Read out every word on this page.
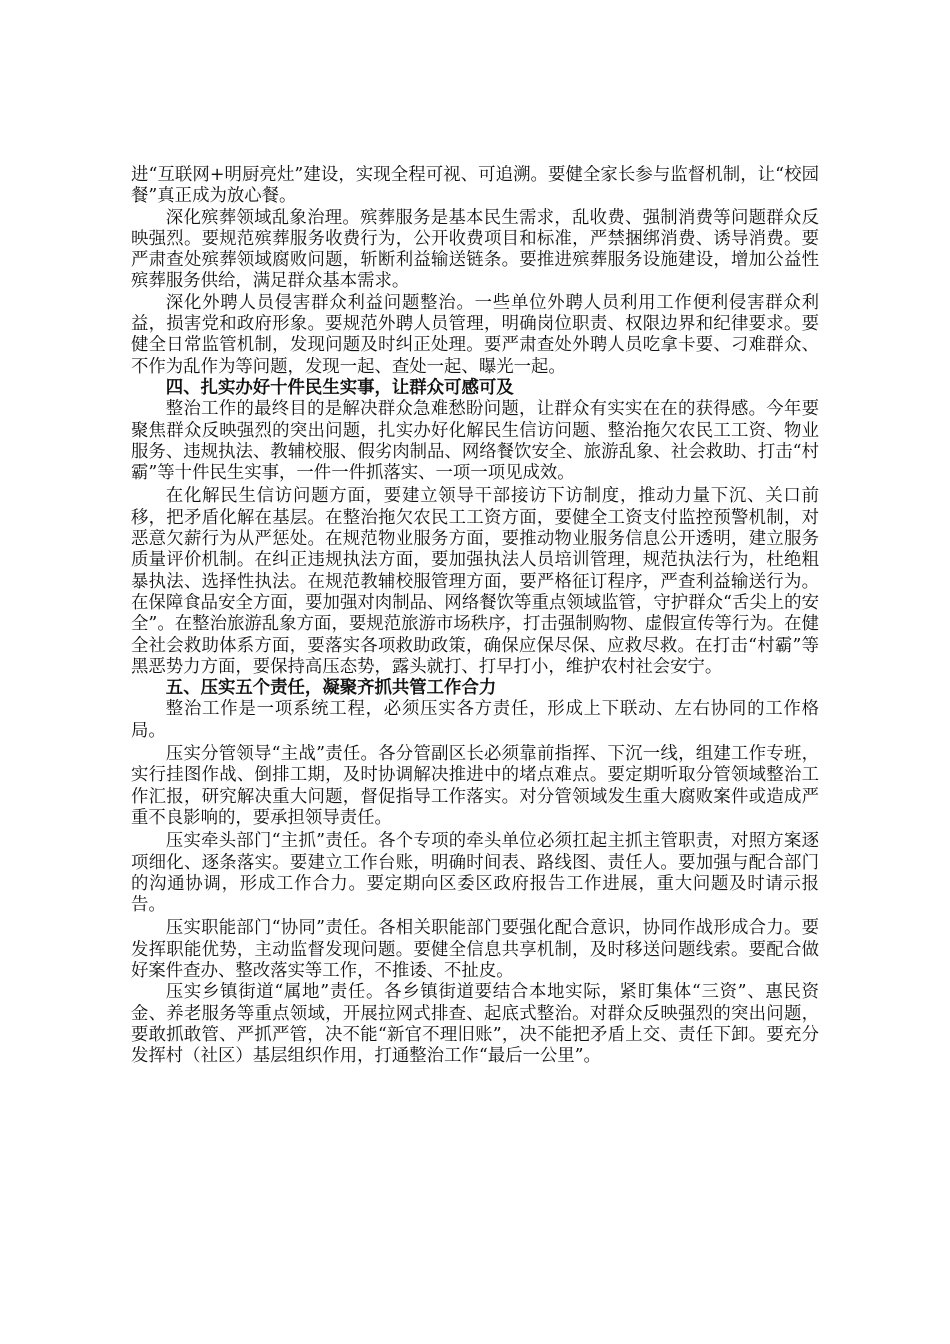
进“互联网+明厨亮灶”建设，实现全程可视、可追溯。要健全家长参与监督机制，让“校园餐”真正成为放心餐。

深化殡葬领域乱象治理。殡葬服务是基本民生需求，乱收费、强制消费等问题群众反映强烈。要规范殡葬服务收费行为，公开收费项目和标准，严禁捆绑消费、诱导消费。要严肃查处殡葬领域腐败问题，斩断利益输送链条。要推进殡葬服务设施建设，增加公益性殡葬服务供给，满足群众基本需求。

深化外聘人员侵害群众利益问题整治。一些单位外聘人员利用工作便利侵害群众利益，损害党和政府形象。要规范外聘人员管理，明确岗位职责、权限边界和纪律要求。要健全日常监管机制，发现问题及时纠正处理。要严肃查处外聘人员吃拿卡要、刁难群众、不作为乱作为等问题，发现一起、查处一起、曝光一起。

四、扎实办好十件民生实事，让群众可感可及

整治工作的最终目的是解决群众急难愁盼问题，让群众有实实在在的获得感。今年要聚焦群众反映强烈的突出问题，扎实办好化解民生信访问题、整治拖欠农民工工资、物业服务、违规执法、教辅校服、假劣肉制品、网络餐饮安全、旅游乱象、社会救助、打击“村霸”等十件民生实事，一件一件抓落实、一项一项见成效。

在化解民生信访问题方面，要建立领导干部接访下访制度，推动力量下沉、关口前移，把矛盾化解在基层。在整治拖欠农民工工资方面，要健全工资支付监控预警机制，对恶意欠薪行为从严惩处。在规范物业服务方面，要推动物业服务信息公开透明，建立服务质量评价机制。在纠正违规执法方面，要加强执法人员培训管理，规范执法行为，杜绝粗暴执法、选择性执法。在规范教辅校服管理方面，要严格征订程序，严查利益输送行为。在保障食品安全方面，要加强对肉制品、网络餐饮等重点领域监管，守护群众“舌尖上的安全”。在整治旅游乱象方面，要规范旅游市场秩序，打击强制购物、虚假宣传等行为。在健全社会救助体系方面，要落实各项救助政策，确保应保尽保、应救尽救。在打击“村霸”等黑恶势力方面，要保持高压态势，露头就打、打早打小，维护农村社会安宁。

五、压实五个责任，凝聚齐抓共管工作合力

整治工作是一项系统工程，必须压实各方责任，形成上下联动、左右协同的工作格局。

压实分管领导“主战”责任。各分管副区长必须靠前指挥、下沉一线，组建工作专班，实行挂图作战、倒排工期，及时协调解决推进中的堵点难点。要定期听取分管领域整治工作汇报，研究解决重大问题，督促指导工作落实。对分管领域发生重大腐败案件或造成严重不良影响的，要承担领导责任。

压实牵头部门“主抓”责任。各个专项的牵头单位必须扛起主抓主管职责，对照方案逐项细化、逐条落实。要建立工作台账，明确时间表、路线图、责任人。要加强与配合部门的沟通协调，形成工作合力。要定期向区委区政府报告工作进展，重大问题及时请示报告。

压实职能部门“协同”责任。各相关职能部门要强化配合意识，协同作战形成合力。要发挥职能优势，主动监督发现问题。要健全信息共享机制，及时移送问题线索。要配合做好案件查办、整改落实等工作，不推诿、不扯皮。

压实乡镇街道“属地”责任。各乡镇街道要结合本地实际，紧盯集体“三资”、惠民资金、养老服务等重点领域，开展拉网式排查、起底式整治。对群众反映强烈的突出问题，要敢抓敢管、严抓严管，决不能“新官不理旧账”，决不能把矛盾上交、责任下卸。要充分发挥村（社区）基层组织作用，打通整治工作“最后一公里”。
